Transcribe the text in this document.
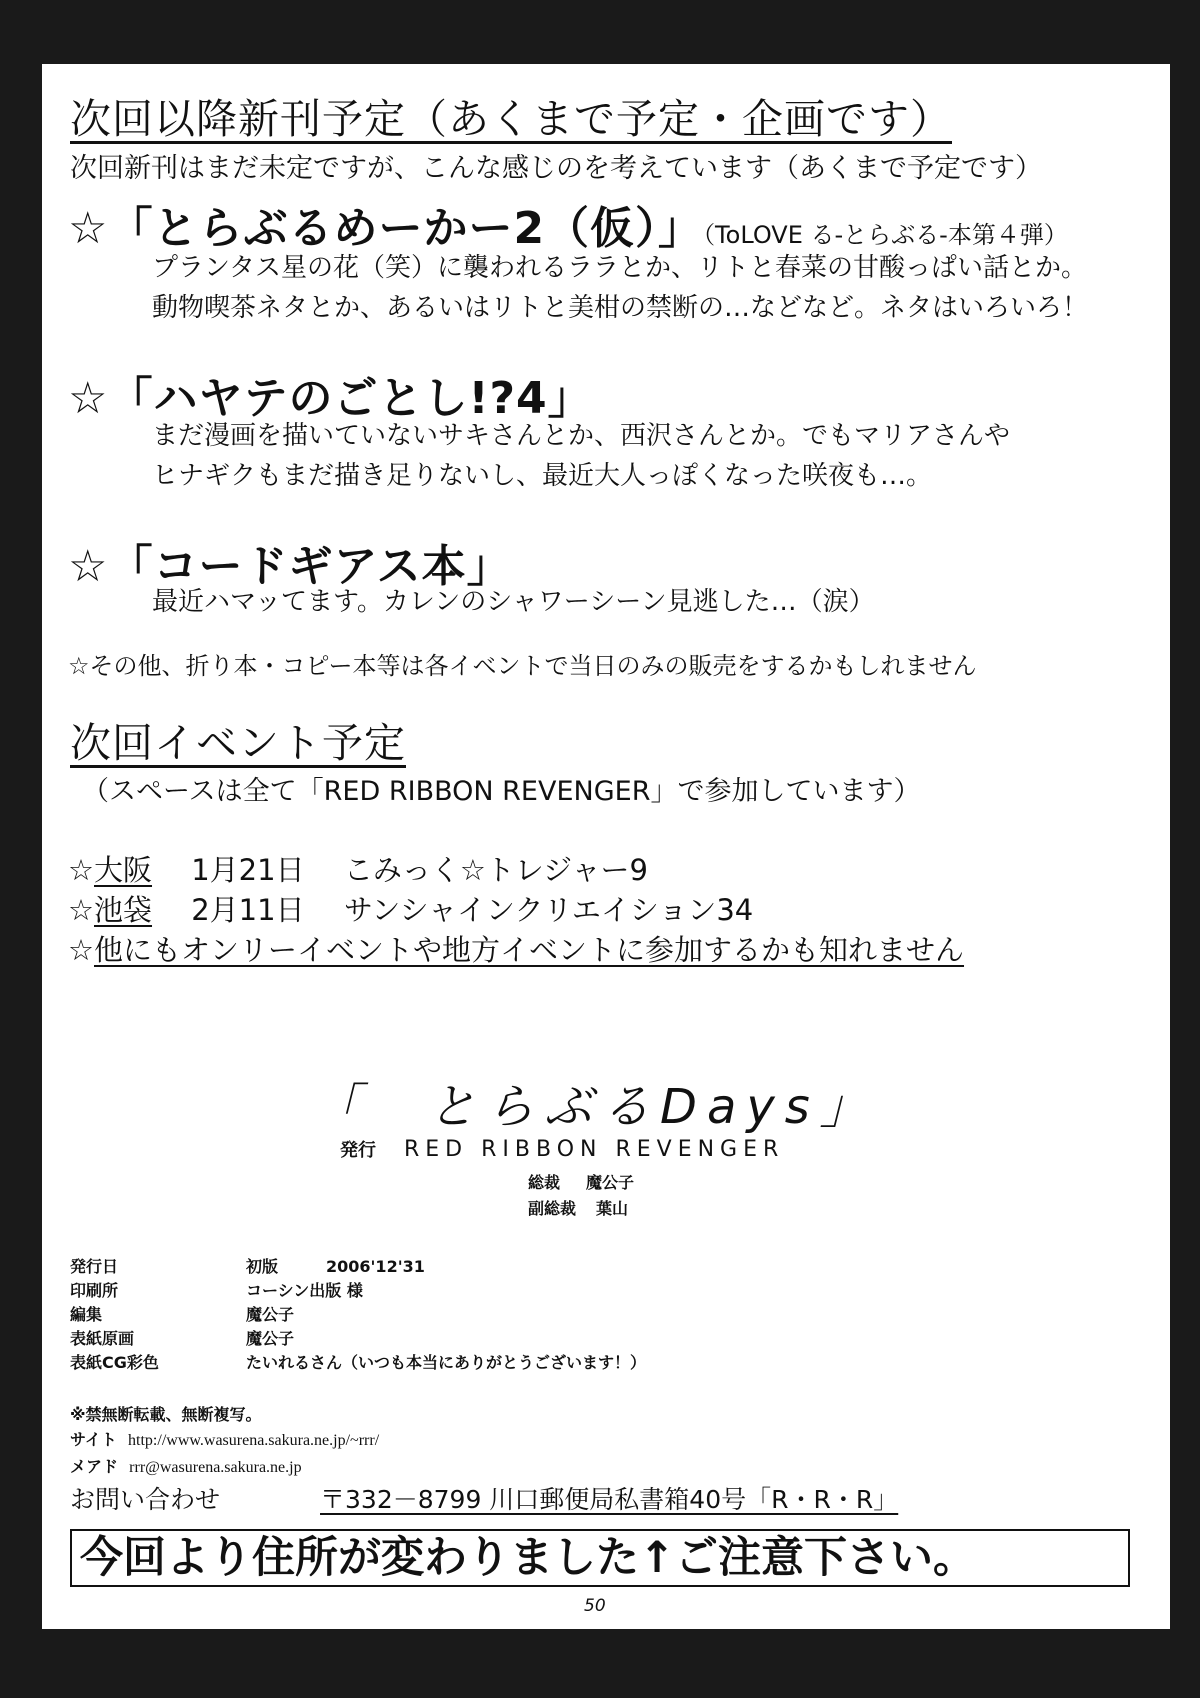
次回以降新刊予定（あくまで予定・企画です）
次回新刊はまだ未定ですが、こんな感じのを考えています（あくまで予定です）
☆「とらぶるめーかー2（仮）」（ToLOVE る-とらぶる-本第４弾）
プランタス星の花（笑）に襲われるララとか、リトと春菜の甘酸っぱい話とか。
動物喫茶ネタとか、あるいはリトと美柑の禁断の…などなど。ネタはいろいろ！
☆「ハヤテのごとし!?4」
まだ漫画を描いていないサキさんとか、西沢さんとか。でもマリアさんや
ヒナギクもまだ描き足りないし、最近大人っぽくなった咲夜も…。
☆「コードギアス本」
最近ハマッてます。カレンのシャワーシーン見逃した…（涙）
☆その他、折り本・コピー本等は各イベントで当日のみの販売をするかもしれません
次回イベント予定
（スペースは全て「RED RIBBON REVENGER」で参加しています）
☆大阪 1月21日 こみっく☆トレジャー9
☆池袋 2月11日 サンシャインクリエイション34
☆他にもオンリーイベントや地方イベントに参加するかも知れません
「　とらぶるDays」
発行 RED RIBBON REVENGER
総裁 魔公子
副総裁 葉山
発行日	初版　　　2006'12'31
印刷所	コーシン出版 様
編集	魔公子
表紙原画	魔公子
表紙CG彩色	たいれるさん（いつも本当にありがとうございます！）
※禁無断転載、無断複写。
サイト http://www.wasurena.sakura.ne.jp/~rrr/
メアド rrr@wasurena.sakura.ne.jp
お問い合わせ	〒332－8799 川口郵便局私書箱40号「R・R・R」
今回より住所が変わりました↑ご注意下さい。
50
